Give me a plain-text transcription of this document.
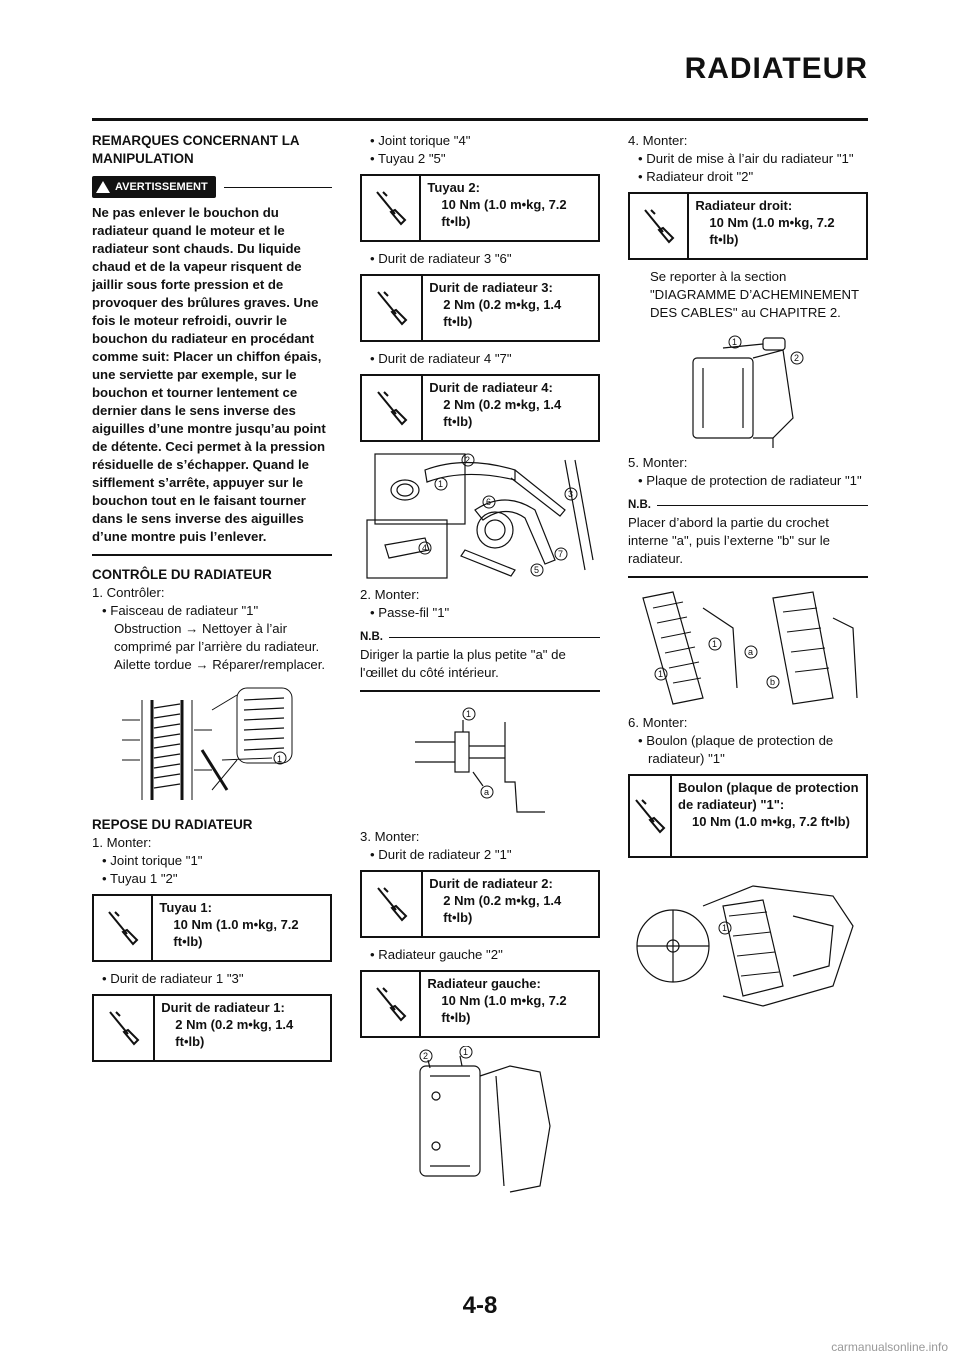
RADIATEUR
REMARQUES CONCERNANT LA MANIPULATION
AVERTISSEMENT
Ne pas enlever le bouchon du radiateur quand le moteur et le radiateur sont chauds. Du liquide chaud et de la vapeur risquent de jaillir sous forte pression et de provoquer des brûlures graves. Une fois le moteur refroidi, ouvrir le bouchon du radiateur en procédant comme suit: Placer un chiffon épais, une serviette par exemple, sur le bouchon et tourner lentement ce dernier dans le sens inverse des aiguilles d’une montre jusqu’au point de détente. Ceci permet à la pression résiduelle de s’échapper. Quand le sifflement s’arrête, appuyer sur le bouchon tout en le faisant tourner dans le sens inverse des aiguilles d’une montre puis l’enlever.
CONTRÔLE DU RADIATEUR
1. Contrôler:
• Faisceau de radiateur "1"
Obstruction → Nettoyer à l’air comprimé par l’arrière du radiateur.
Ailette tordue → Réparer/remplacer.
1
REPOSE DU RADIATEUR
1. Monter:
• Joint torique "1"
• Tuyau 1 "2"
Tuyau 1:
10 Nm (1.0 m•kg, 7.2 ft•lb)
• Durit de radiateur 1 "3"
Durit de radiateur 1:
2 Nm (0.2 m•kg, 1.4 ft•lb)
• Joint torique "4"
• Tuyau 2 "5"
Tuyau 2:
10 Nm (1.0 m•kg, 7.2 ft•lb)
• Durit de radiateur 3 "6"
Durit de radiateur 3:
2 Nm (0.2 m•kg, 1.4 ft•lb)
• Durit de radiateur 4 "7"
Durit de radiateur 4:
2 Nm (0.2 m•kg, 1.4 ft•lb)
1
2
3
4
5
6
7
2. Monter:
• Passe-fil "1"
N.B.
Diriger la partie la plus petite "a" de l'œillet du côté intérieur.
1
a
3. Monter:
• Durit de radiateur 2 "1"
Durit de radiateur 2:
2 Nm (0.2 m•kg, 1.4 ft•lb)
• Radiateur gauche "2"
Radiateur gauche:
10 Nm (1.0 m•kg, 7.2 ft•lb)
2	1
4. Monter:
• Durit de mise à l’air du radiateur "1"
• Radiateur droit "2"
Radiateur droit:
10 Nm (1.0 m•kg, 7.2 ft•lb)
Se reporter à la section "DIAGRAMME D’ACHEMINEMENT DES CABLES" au CHAPITRE 2.
1
2
5. Monter:
• Plaque de protection de radiateur "1"
N.B.
Placer d’abord la partie du crochet interne "a", puis l’externe "b" sur le radiateur.
1
1
a
b
6. Monter:
• Boulon (plaque de protection de radiateur) "1"
Boulon (plaque de protection de radiateur) "1":
10 Nm (1.0 m•kg, 7.2 ft•lb)
1
4-8
carmanualsonline.info
